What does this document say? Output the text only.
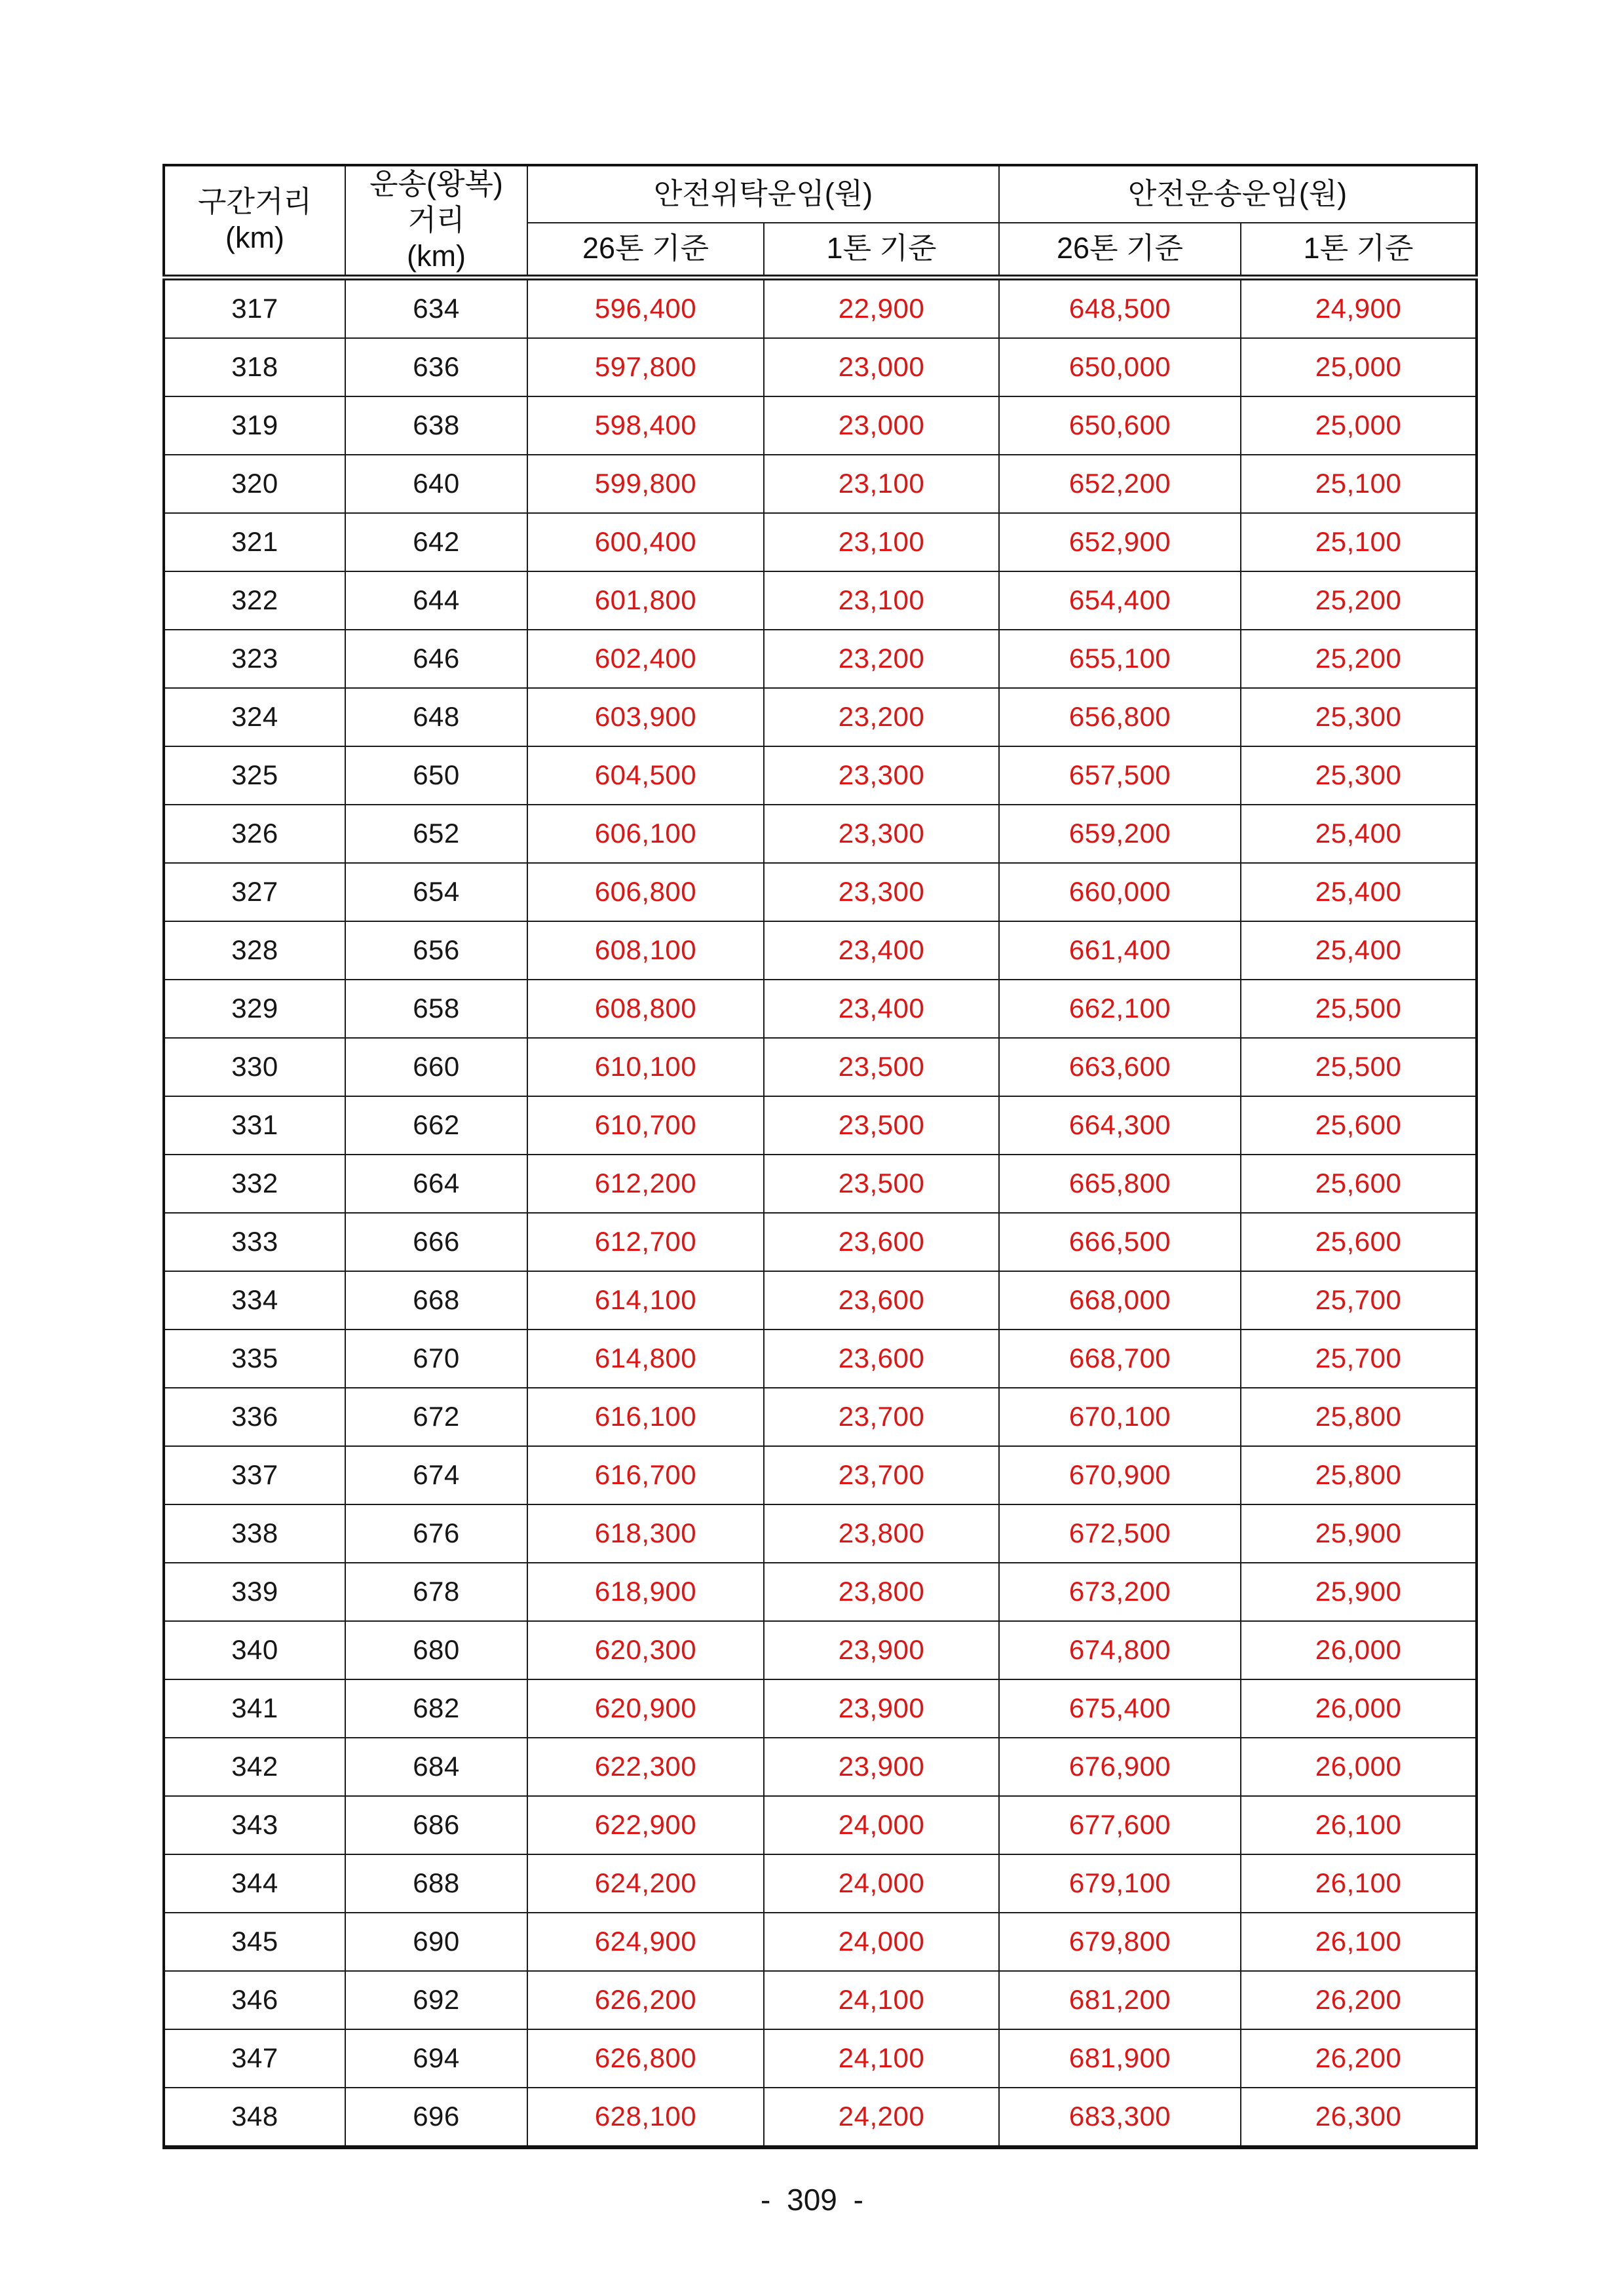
구간거리
(km)

운송(왕복)
거리
(km)
	안전위탁운임(원)	안전운송운임(원)
		26톤 기준	1톤 기준	26톤 기준	1톤 기준
317	634	596,400	22,900	648,500	24,900
318	636	597,800	23,000	650,000	25,000
319	638	598,400	23,000	650,600	25,000
320	640	599,800	23,100	652,200	25,100
321	642	600,400	23,100	652,900	25,100
322	644	601,800	23,100	654,400	25,200
323	646	602,400	23,200	655,100	25,200
324	648	603,900	23,200	656,800	25,300
325	650	604,500	23,300	657,500	25,300
326	652	606,100	23,300	659,200	25,400
327	654	606,800	23,300	660,000	25,400
328	656	608,100	23,400	661,400	25,400
329	658	608,800	23,400	662,100	25,500
330	660	610,100	23,500	663,600	25,500
331	662	610,700	23,500	664,300	25,600
332	664	612,200	23,500	665,800	25,600
333	666	612,700	23,600	666,500	25,600
334	668	614,100	23,600	668,000	25,700
335	670	614,800	23,600	668,700	25,700
336	672	616,100	23,700	670,100	25,800
337	674	616,700	23,700	670,900	25,800
338	676	618,300	23,800	672,500	25,900
339	678	618,900	23,800	673,200	25,900
340	680	620,300	23,900	674,800	26,000
341	682	620,900	23,900	675,400	26,000
342	684	622,300	23,900	676,900	26,000
343	686	622,900	24,000	677,600	26,100
344	688	624,200	24,000	679,100	26,100
345	690	624,900	24,000	679,800	26,100
346	692	626,200	24,100	681,200	26,200
347	694	626,800	24,100	681,900	26,200
348	696	628,100	24,200	683,300	26,300
- 309 -
